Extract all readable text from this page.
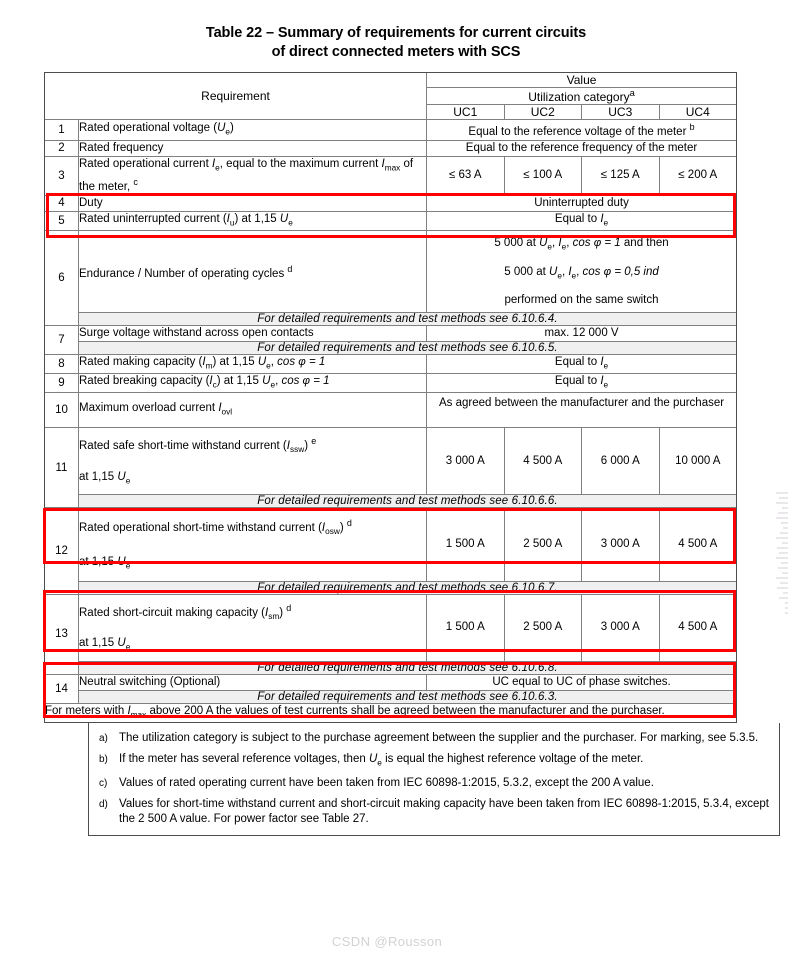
Table 22 – Summary of requirements for current circuits
of direct connected meters with SCS
Requirement		Value			
		Utilization category$^a$
		UC1	UC2	UC3	UC4
1	Rated operational voltage $(U_e)$	Equal to the reference voltage of the meter $^b$
2	Rated frequency	Equal to the reference frequency of the meter			
3	Rated operational current $I_e$, equal to the maximum current $I_{max}$ of the meter, $^c$	≤ 63 A	≤ 100 A	≤ 125 A	≤ 200 A
4	Duty	Uninterrupted duty			
5	Rated uninterrupted current $(I_u)$ at 1,15 $U_e$	Equal to $I_e$
6	Endurance / Number of operating cycles $^d$	5 000 at $U_e$, $I_e$, cos φ = 1 and then
5 000 at $U_e$, $I_e$, cos φ = 0,5 ind
performed on the same switch			
	For detailed requirements and test methods see 6.10.6.4.				
7	Surge voltage withstand across open contacts	max. 12 000 V			
	For detailed requirements and test methods see 6.10.6.5.				
8	Rated making capacity $(I_m)$ at 1,15 $U_e$, cos φ = 1	Equal to $I_e$
9	Rated breaking capacity $(I_c)$ at 1,15 $U_e$, cos φ = 1	Equal to $I_e$
10	Maximum overload current $I_{ovl}$	As agreed between the manufacturer and the purchaser			

11	Rated safe short-time withstand current $(I_{ssw})$ $^e$
at 1,15 $U_e$	3 000 A	4 500 A	6 000 A	10 000 A
	For detailed requirements and test methods see 6.10.6.6.				
12	Rated operational short-time withstand current $(I_{osw})$ $^d$
at 1,15 $U_e$	1 500 A	2 500 A	3 000 A	4 500 A
	For detailed requirements and test methods see 6.10.6.7.				
13	Rated short-circuit making capacity $(I_{sm})$ $^d$
at 1,15 $U_e$	1 500 A	2 500 A	3 000 A	4 500 A
	For detailed requirements and test methods see 6.10.6.8.				
14	Neutral switching (Optional)	UC equal to UC of phase switches.			
	For detailed requirements and test methods see 6.10.6.3.				
For meters with $I_{max}$ above 200 A the values of test currents shall be agreed between the manufacturer and the purchaser.					
a) The utilization category is subject to the purchase agreement between the supplier and the purchaser. For marking, see 5.3.5.
b) If the meter has several reference voltages, then $U_e$ is equal the highest reference voltage of the meter.
c)	Values of rated operating current have been taken from IEC 60898-1:2015, 5.3.2, except the 200 A value.
d) Values for short-time withstand current and short-circuit making capacity have been taken from IEC 60898-1:2015, 5.3.4, except the 2 500 A value. For power factor see Table 27.
CSDN @Rousson
